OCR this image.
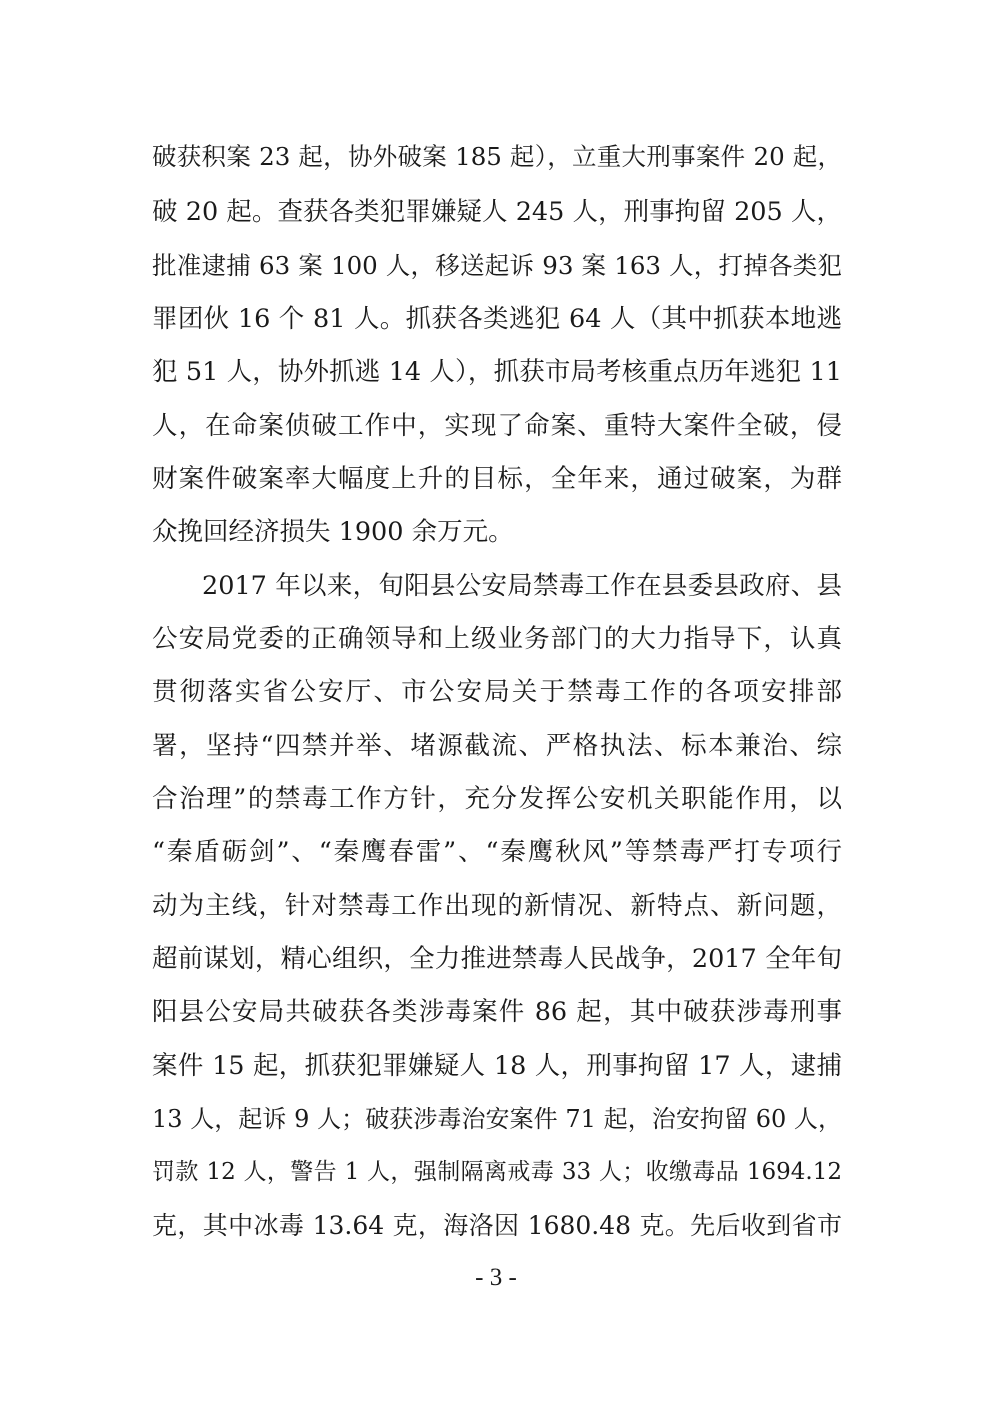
破获积案 23 起，协外破案 185 起），立重大刑事案件 20 起，
破 20 起。查获各类犯罪嫌疑人 245 人，刑事拘留 205 人，
批准逮捕 63 案 100 人，移送起诉 93 案 163 人，打掉各类犯
罪团伙 16 个 81 人。抓获各类逃犯 64 人（其中抓获本地逃
犯 51 人，协外抓逃 14 人），抓获市局考核重点历年逃犯 11
人，在命案侦破工作中，实现了命案、重特大案件全破，侵
财案件破案率大幅度上升的目标，全年来，通过破案，为群
众挽回经济损失 1900 余万元。
2017 年以来，旬阳县公安局禁毒工作在县委县政府、县
公安局党委的正确领导和上级业务部门的大力指导下，认真
贯彻落实省公安厅、市公安局关于禁毒工作的各项安排部
署，坚持“四禁并举、堵源截流、严格执法、标本兼治、综
合治理”的禁毒工作方针，充分发挥公安机关职能作用，以
“秦盾砺剑”、“秦鹰春雷”、“秦鹰秋风”等禁毒严打专项行
动为主线，针对禁毒工作出现的新情况、新特点、新问题，
超前谋划，精心组织，全力推进禁毒人民战争，2017 全年旬
阳县公安局共破获各类涉毒案件 86 起，其中破获涉毒刑事
案件 15 起，抓获犯罪嫌疑人 18 人，刑事拘留 17 人，逮捕
13 人，起诉 9 人；破获涉毒治安案件 71 起，治安拘留 60 人，
罚款 12 人，警告 1 人，强制隔离戒毒 33 人；收缴毒品 1694.12
克，其中冰毒 13.64 克，海洛因 1680.48 克。先后收到省市
- 3 -
